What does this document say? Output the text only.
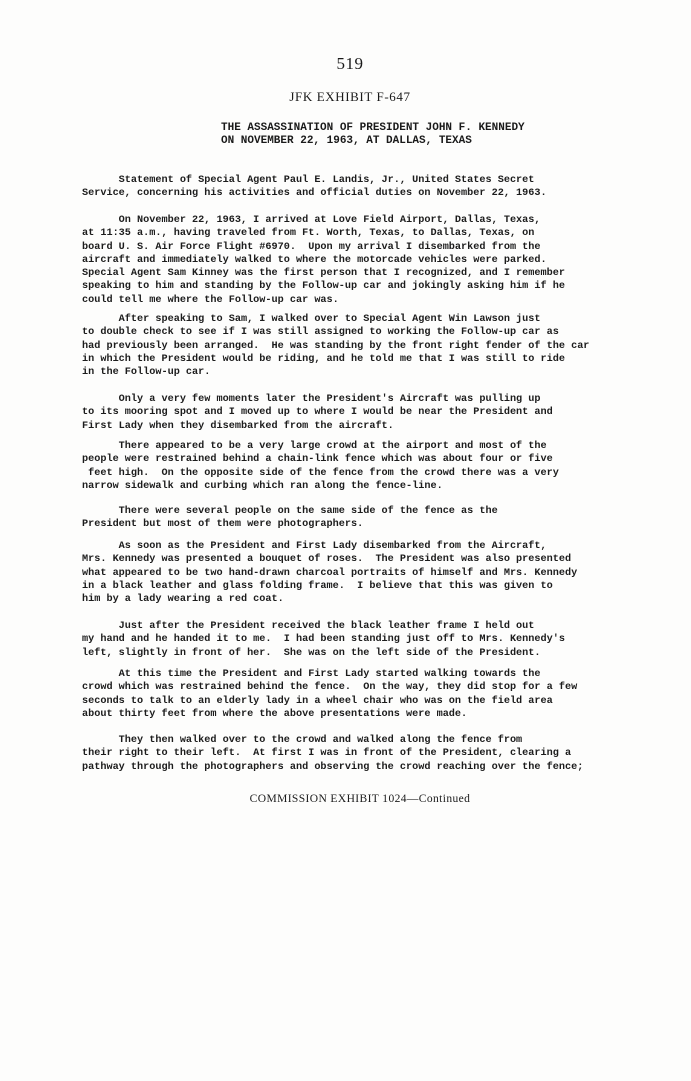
519
JFK EXHIBIT F-647
THE ASSASSINATION OF PRESIDENT JOHN F. KENNEDY
ON NOVEMBER 22, 1963, AT DALLAS, TEXAS

Statement of Special Agent Paul E. Landis, Jr., United States Secret
Service, concerning his activities and official duties on November 22, 1963.

On November 22, 1963, I arrived at Love Field Airport, Dallas, Texas,
at 11:35 a.m., having traveled from Ft. Worth, Texas, to Dallas, Texas, on
board U. S. Air Force Flight #6970.  Upon my arrival I disembarked from the
aircraft and immediately walked to where the motorcade vehicles were parked.
Special Agent Sam Kinney was the first person that I recognized, and I remember
speaking to him and standing by the Follow-up car and jokingly asking him if he
could tell me where the Follow-up car was.

After speaking to Sam, I walked over to Special Agent Win Lawson just
to double check to see if I was still assigned to working the Follow-up car as
had previously been arranged.  He was standing by the front right fender of the car
in which the President would be riding, and he told me that I was still to ride
in the Follow-up car.

Only a very few moments later the President's Aircraft was pulling up
to its mooring spot and I moved up to where I would be near the President and
First Lady when they disembarked from the aircraft.

There appeared to be a very large crowd at the airport and most of the
people were restrained behind a chain-link fence which was about four or five
feet high.  On the opposite side of the fence from the crowd there was a very
narrow sidewalk and curbing which ran along the fence-line.

There were several people on the same side of the fence as the
President but most of them were photographers.

As soon as the President and First Lady disembarked from the Aircraft,
Mrs. Kennedy was presented a bouquet of roses.  The President was also presented
what appeared to be two hand-drawn charcoal portraits of himself and Mrs. Kennedy
in a black leather and glass folding frame.  I believe that this was given to
him by a lady wearing a red coat.

Just after the President received the black leather frame I held out
my hand and he handed it to me.  I had been standing just off to Mrs. Kennedy's
left, slightly in front of her.  She was on the left side of the President.

At this time the President and First Lady started walking towards the
crowd which was restrained behind the fence.  On the way, they did stop for a few
seconds to talk to an elderly lady in a wheel chair who was on the field area
about thirty feet from where the above presentations were made.

They then walked over to the crowd and walked along the fence from
their right to their left.  At first I was in front of the President, clearing a
pathway through the photographers and observing the crowd reaching over the fence;

COMMISSION EXHIBIT 1024—Continued
